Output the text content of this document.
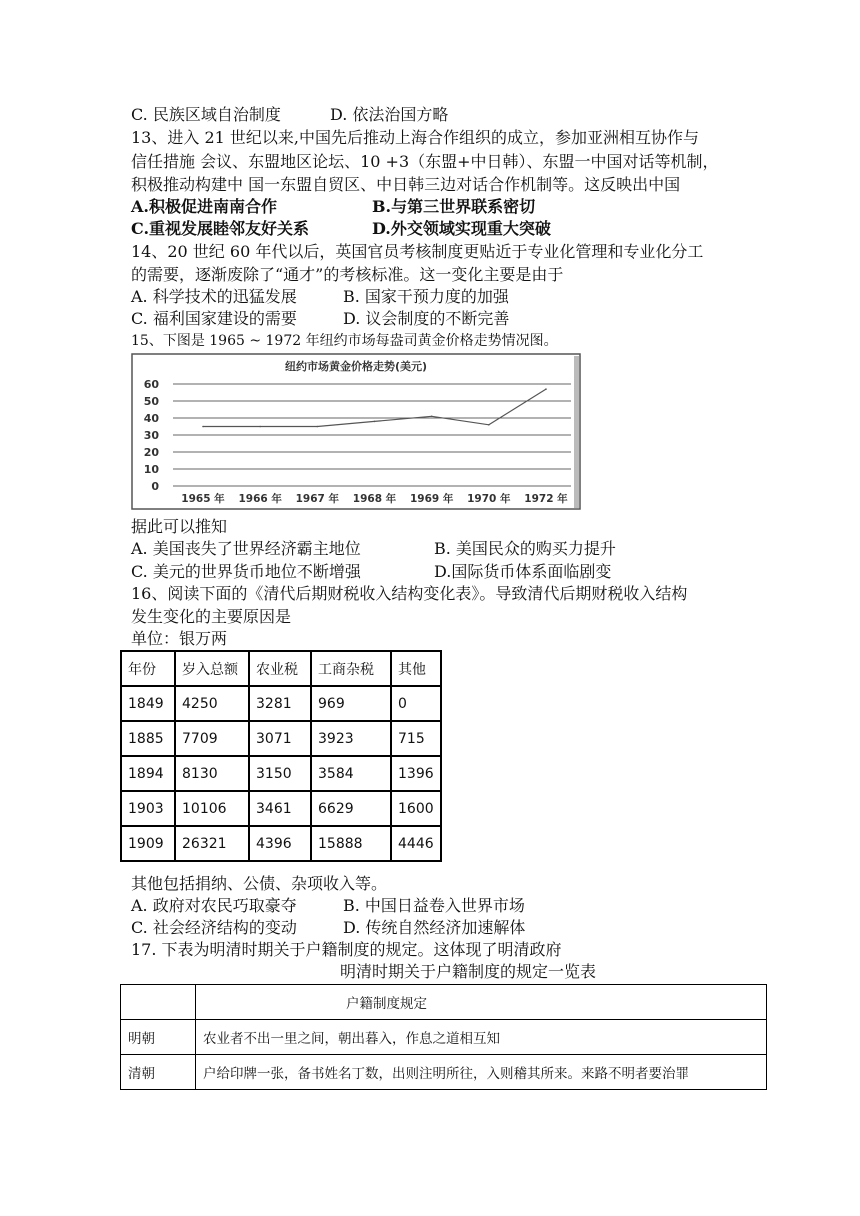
C. 民族区域自治制度	D. 依法治国方略
13、进入 21 世纪以来,中国先后推动上海合作组织的成立，参加亚洲相互协作与
信任措施 会议、东盟地区论坛、10 +3（东盟+中日韩）、东盟一中国对话等机制，
积极推动构建中 国一东盟自贸区、中日韩三边对话合作机制等。这反映出中国
A.积极促进南南合作	B.与第三世界联系密切
C.重视发展睦邻友好关系	D.外交领域实现重大突破
14、20 世纪 60 年代以后，英国官员考核制度更贴近于专业化管理和专业化分工
的需要，逐渐废除了“通才”的考核标准。这一变化主要是由于
A. 科学技术的迅猛发展	B. 国家干预力度的加强
C. 福利国家建设的需要	D. 议会制度的不断完善
15、下图是 1965 ~ 1972 年纽约市场每盎司黄金价格走势情况图。
纽约市场黄金价格走势(美元)
60
50
40
30
20
10
0
1965 年 1966 年 1967 年 1968 年 1969 年 1970 年 1972 年
据此可以推知
A. 美国丧失了世界经济霸主地位	B. 美国民众的购买力提升
C. 美元的世界货币地位不断增强	D.国际货币体系面临剧变
16、阅读下面的《清代后期财税收入结构变化表》。导致清代后期财税收入结构
发生变化的主要原因是
单位：银万两
年份	岁入总额	农业税	工商杂税	其他
1849	4250	3281	969	0
1885	7709	3071	3923	715
1894	8130	3150	3584	1396
1903	10106	3461	6629	1600
1909	26321	4396	15888	4446
其他包括捐纳、公债、杂项收入等。
A. 政府对农民巧取豪夺	B. 中国日益卷入世界市场
C. 社会经济结构的变动	D. 传统自然经济加速解体
17. 下表为明清时期关于户籍制度的规定。这体现了明清政府
明清时期关于户籍制度的规定一览表
	户籍制度规定
明朝	农业者不出一里之间，朝出暮入，作息之道相互知
清朝	户给印牌一张，备书姓名丁数，出则注明所往，入则稽其所来。来路不明者要治罪
